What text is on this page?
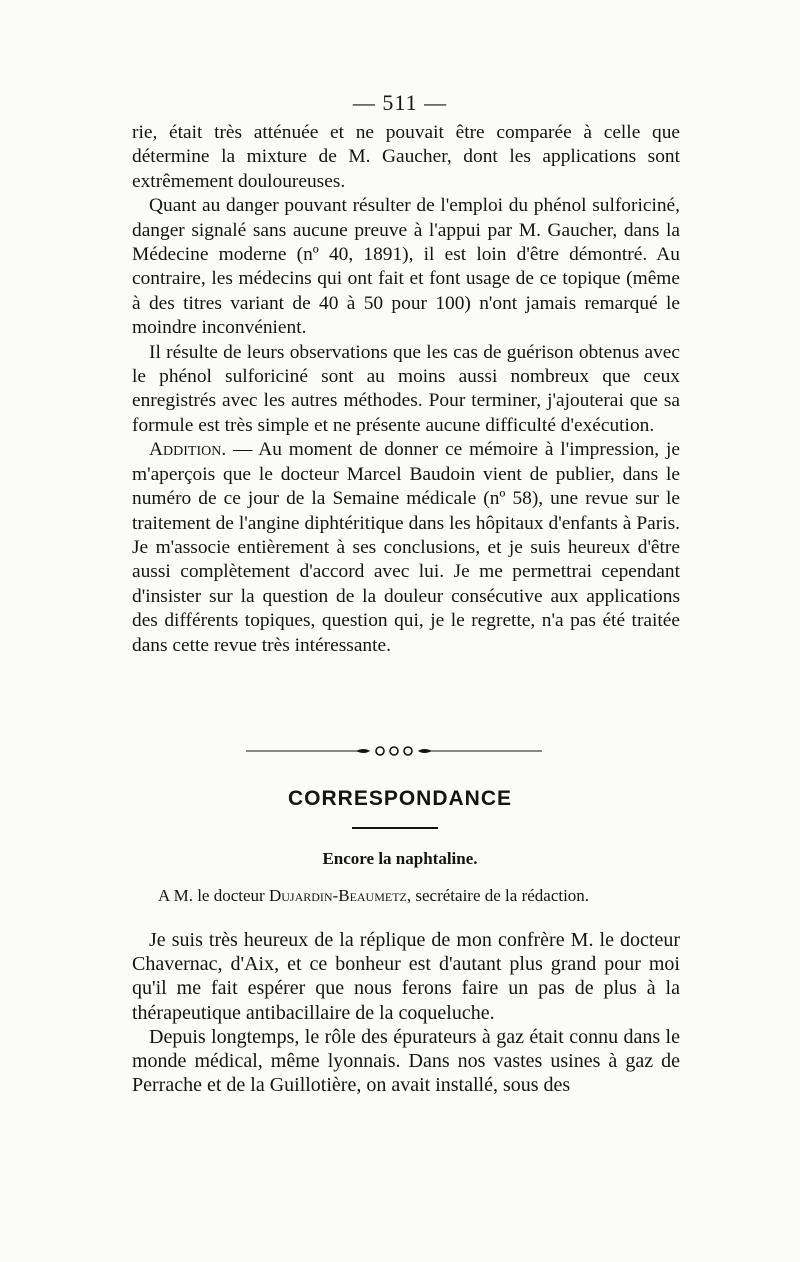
— 511 —

rie, était très atténuée et ne pouvait être comparée à celle que détermine la mixture de M. Gaucher, dont les applications sont extrêmement douloureuses.

Quant au danger pouvant résulter de l'emploi du phénol sulforiciné, danger signalé sans aucune preuve à l'appui par M. Gaucher, dans la Médecine moderne (nº 40, 1891), il est loin d'être démontré. Au contraire, les médecins qui ont fait et font usage de ce topique (même à des titres variant de 40 à 50 pour 100) n'ont jamais remarqué le moindre inconvénient.

Il résulte de leurs observations que les cas de guérison obtenus avec le phénol sulforiciné sont au moins aussi nombreux que ceux enregistrés avec les autres méthodes. Pour terminer, j'ajouterai que sa formule est très simple et ne présente aucune difficulté d'exécution.

Addition. — Au moment de donner ce mémoire à l'impression, je m'aperçois que le docteur Marcel Baudoin vient de publier, dans le numéro de ce jour de la Semaine médicale (nº 58), une revue sur le traitement de l'angine diphtéritique dans les hôpitaux d'enfants à Paris. Je m'associe entièrement à ses conclusions, et je suis heureux d'être aussi complètement d'accord avec lui. Je me permettrai cependant d'insister sur la question de la douleur consécutive aux applications des différents topiques, question qui, je le regrette, n'a pas été traitée dans cette revue très intéressante.

CORRESPONDANCE
Encore la naphtaline.
A M. le docteur Dujardin-Beaumetz, secrétaire de la rédaction.

Je suis très heureux de la réplique de mon confrère M. le docteur Chavernac, d'Aix, et ce bonheur est d'autant plus grand pour moi qu'il me fait espérer que nous ferons faire un pas de plus à la thérapeutique antibacillaire de la coqueluche.

Depuis longtemps, le rôle des épurateurs à gaz était connu dans le monde médical, même lyonnais. Dans nos vastes usines à gaz de Perrache et de la Guillotière, on avait installé, sous des
